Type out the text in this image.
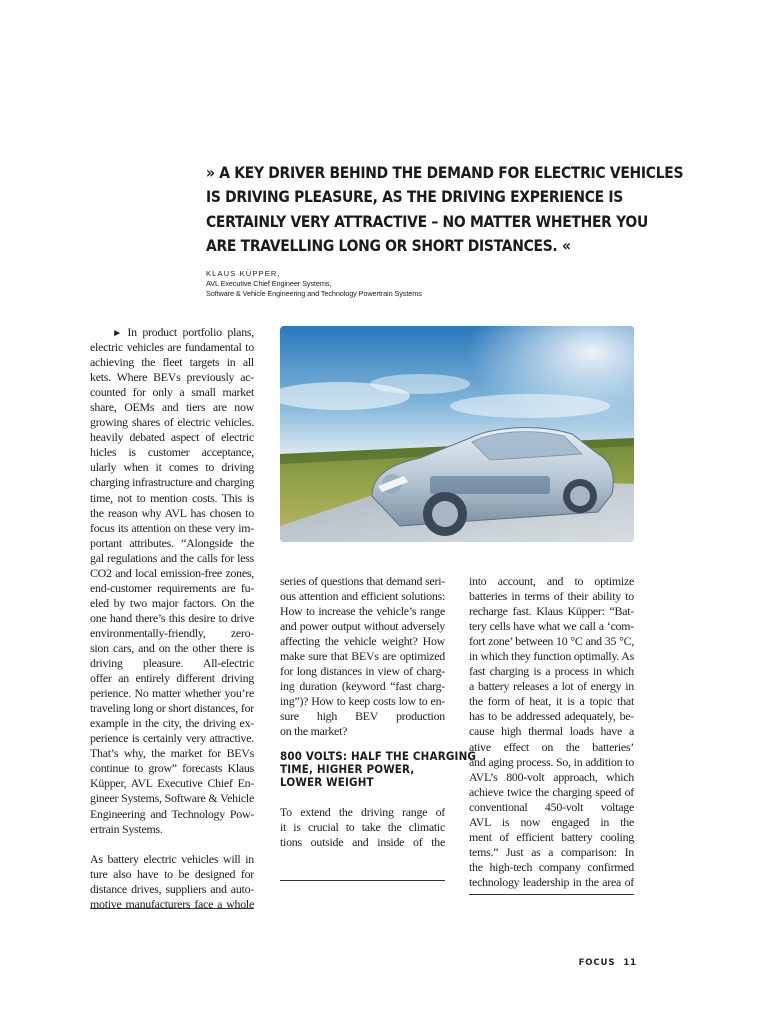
» A KEY DRIVER BEHIND THE DEMAND FOR ELECTRIC VEHICLES
IS DRIVING PLEASURE, AS THE DRIVING EXPERIENCE IS
CERTAINLY VERY ATTRACTIVE – NO MATTER WHETHER YOU
ARE TRAVELLING LONG OR SHORT DISTANCES. «
KLAUS KÜPPER,
AVL Executive Chief Engineer Systems,
Software & Vehicle Engineering and Technology Powertrain Systems
► In product portfolio plans,
electric vehicles are fundamental to
achieving the fleet targets in all
kets. Where BEVs previously ac-
counted for only a small market
share, OEMs and tiers are now
growing shares of electric vehicles.
heavily debated aspect of electric
hicles is customer acceptance,
ularly when it comes to driving
charging infrastructure and charging
time, not to mention costs. This is
the reason why AVL has chosen to
focus its attention on these very im-
portant attributes. “Alongside the
gal regulations and the calls for less
CO2 and local emission-free zones,
end-customer requirements are fu-
eled by two major factors. On the
one hand there’s this desire to drive
environmentally-friendly, zero-
sion cars, and on the other there is
driving pleasure. All-electric
offer an entirely different driving
perience. No matter whether you’re
traveling long or short distances, for
example in the city, the driving ex-
perience is certainly very attractive.
That’s why, the market for BEVs
continue to grow” forecasts Klaus
Küpper, AVL Executive Chief En-
gineer Systems, Software & Vehicle
Engineering and Technology Pow-
ertrain Systems.
As battery electric vehicles will in
ture also have to be designed for
distance drives, suppliers and auto-
motive manufacturers face a whole
series of questions that demand seri-
ous attention and efficient solutions:
How to increase the vehicle’s range
and power output without adversely
affecting the vehicle weight? How
make sure that BEVs are optimized
for long distances in view of charg-
ing duration (keyword “fast charg-
ing”)? How to keep costs low to en-
sure high BEV production
on the market?
800 VOLTS: HALF THE CHARGING
TIME, HIGHER POWER,
LOWER WEIGHT
To extend the driving range of
it is crucial to take the climatic
tions outside and inside of the
into account, and to optimize
batteries in terms of their ability to
recharge fast. Klaus Küpper: “Bat-
tery cells have what we call a ‘com-
fort zone’ between 10 °C and 35 °C,
in which they function optimally. As
fast charging is a process in which
a battery releases a lot of energy in
the form of heat, it is a topic that
has to be addressed adequately, be-
cause high thermal loads have a
ative effect on the batteries’
and aging process. So, in addition to
AVL’s 800-volt approach, which
achieve twice the charging speed of
conventional 450-volt voltage
AVL is now engaged in the
ment of efficient battery cooling
tems.” Just as a comparison: In
the high-tech company confirmed
technology leadership in the area of
FOCUS 11
